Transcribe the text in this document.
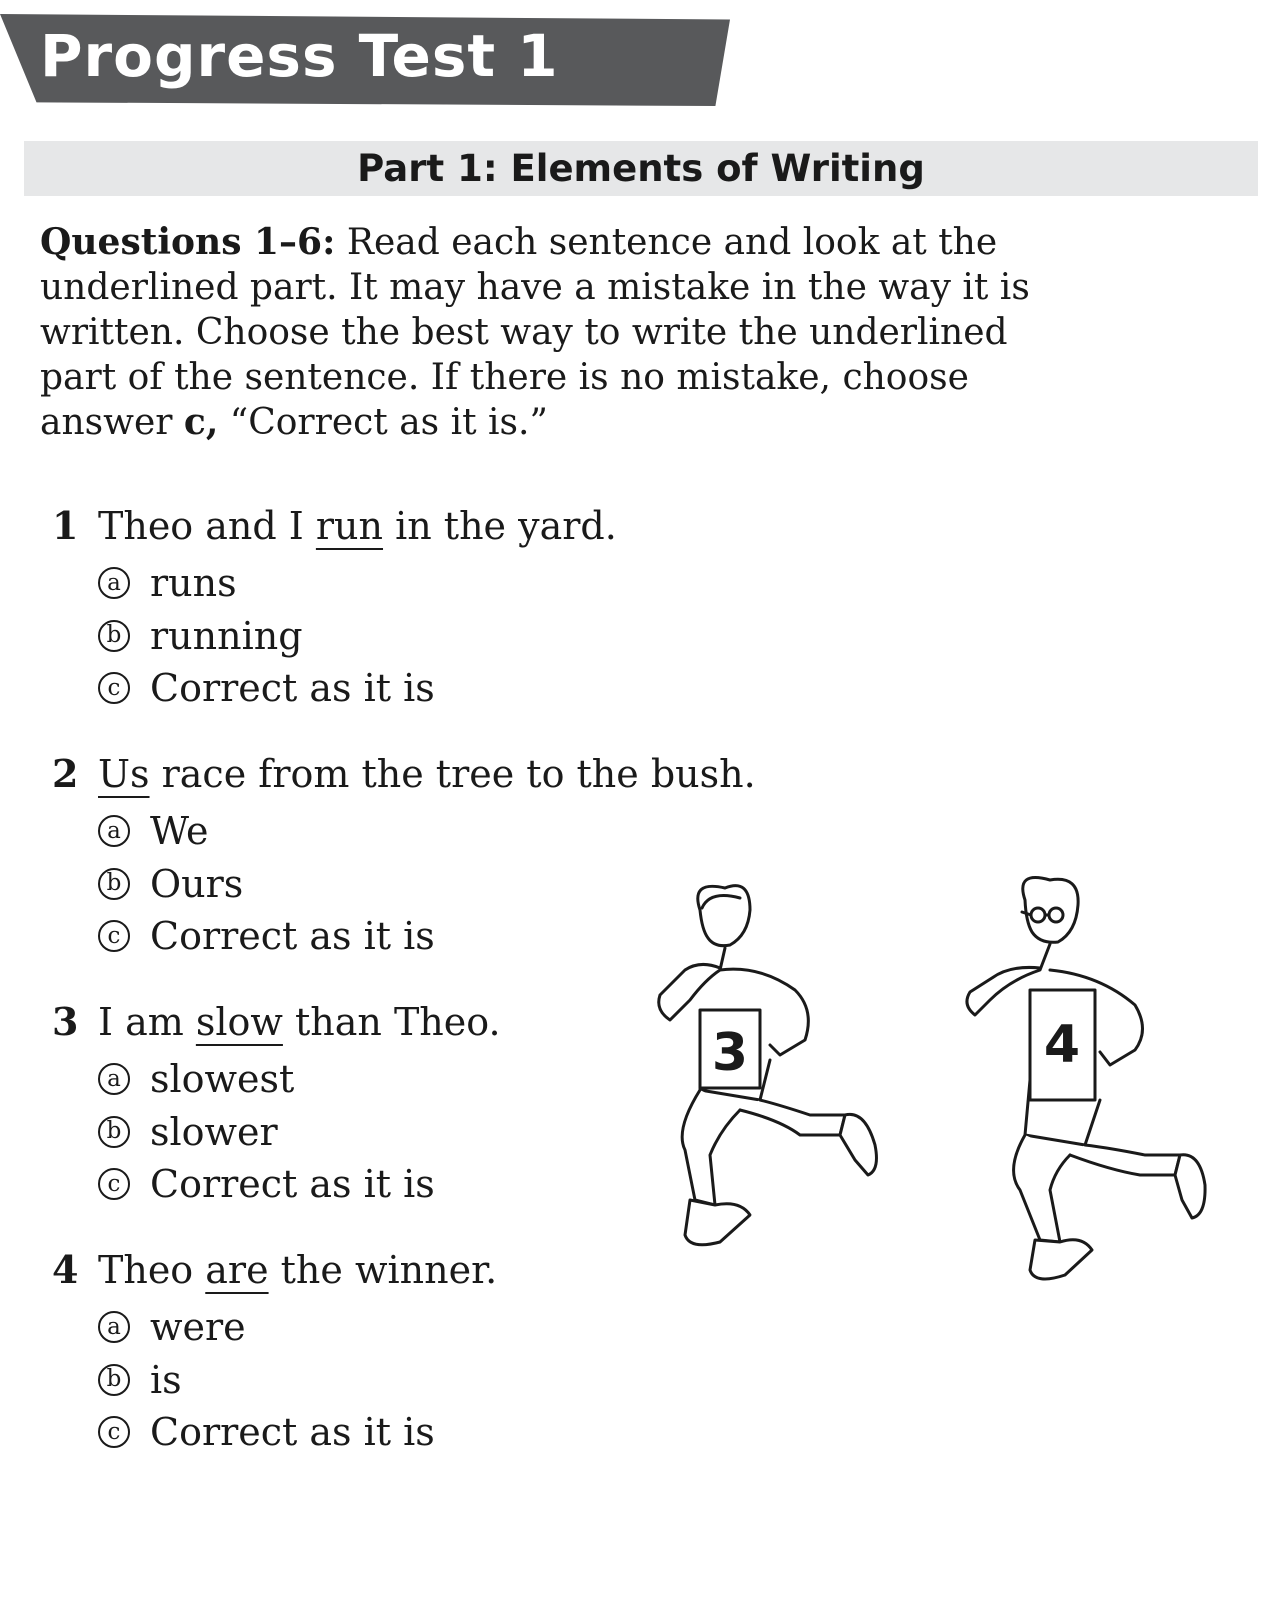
Progress Test 1
Part 1: Elements of Writing
Questions 1–6: Read each sentence and look at the underlined part. It may have a mistake in the way it is written. Choose the best way to write the underlined part of the sentence. If there is no mistake, choose answer c, “Correct as it is.”
1 Theo and I run in the yard.
a runs
b running
c Correct as it is
2 Us race from the tree to the bush.
a We
b Ours
c Correct as it is
3 I am slow than Theo.
a slowest
b slower
c Correct as it is
4 Theo are the winner.
a were
b is
c Correct as it is
3	4
